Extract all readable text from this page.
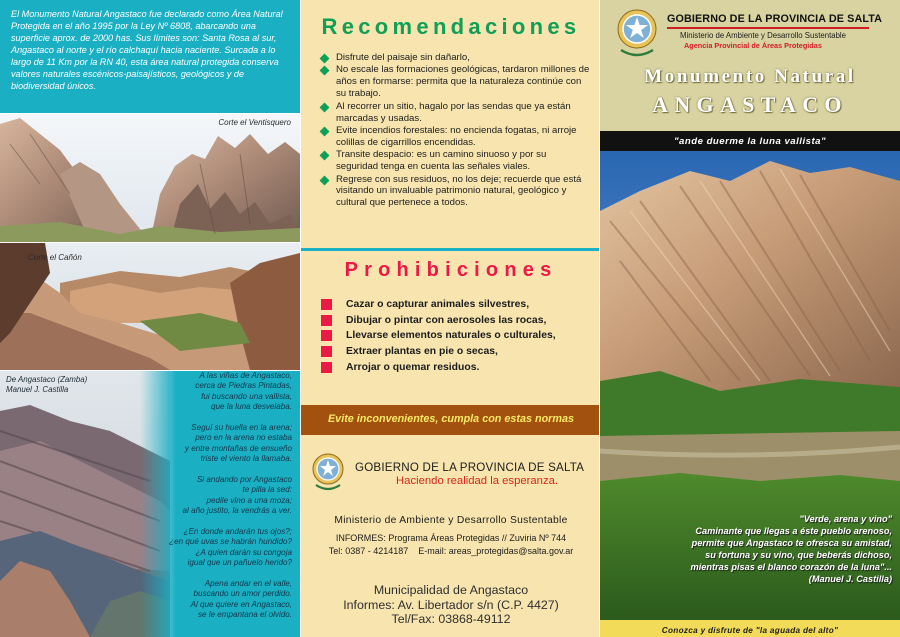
El Monumento Natural Angastaco fue declarado como Área Natural Protegida en el año 1995 por la Ley Nº 6808, abarcando una superficie aprox. de 2000 has. Sus límites son: Santa Rosa al sur, Angastaco al norte y el río calchaquí hacia naciente. Surcada a lo largo de 11 Km por la RN 40, esta área natural protegida conserva valores naturales escénicos-paisajísticos, geológicos y de biodiversidad únicos.

Corte el Ventisquero
Corte el Cañón
De Angastaco (Zamba)
Manuel J. Castilla

A las viñas de Angastaco,
cerca de Piedras Pintadas,
fui buscando una vallista,
que la luna desvelaba.

Seguí su huella en la arena;
pero en la arena no estaba
y entre montañas de ensueño
triste el viento la llamaba.

Si andando por Angastaco
te pilla la sed:
pedile vino a una moza;
al año justito, la vendrás a ver.

¿En donde andarán tus ojos?;
¿en qué uvas se habrán hundido?
¿A quien darán su congoja
igual que un pañuelo herido?

Apena andar en el valle,
buscando un amor perdido.
Al que quiere en Angastaco,
se le empantana el olvido.

Recomendaciones
Disfrute del paisaje sin dañarlo,
No escale las formaciones geológicas, tardaron millones de años en formarse: permita que la naturaleza continúe con su trabajo.
Al recorrer un sitio, hagalo por las sendas que ya están marcadas y usadas.
Evite incendios forestales: no encienda fogatas, ni arroje colillas de cigarrillos encendidas.
Transite despacio: es un camino sinuoso y por su seguridad tenga en cuenta las señales viales.
Regrese con sus residuos, no los deje; recuerde que está visitando un invaluable patrimonio natural, geológico y cultural que pertenece a todos.
Prohibiciones
Cazar o capturar animales silvestres,
Dibujar o pintar con aerosoles las rocas,
Llevarse elementos naturales o culturales,
Extraer plantas en pie o secas,
Arrojar o quemar residuos.
Evite inconvenientes, cumpla con estas normas
GOBIERNO DE LA PROVINCIA DE SALTA
Haciendo realidad la esperanza.
Ministerio de Ambiente y Desarrollo Sustentable
INFORMES: Programa Áreas Protegidas // Zuviria Nº 744
Tel: 0387 - 4214187    E-mail: areas_protegidas@salta.gov.ar
Municipalidad de Angastaco
Informes: Av. Libertador s/n (C.P. 4427)
Tel/Fax: 03868-49112
GOBIERNO DE LA PROVINCIA DE SALTA
Ministerio de Ambiente y Desarrollo Sustentable
Agencia Provincial de Áreas Protegidas
Monumento Natural
ANGASTACO
"ande duerme la luna vallista"
"Verde, arena y vino"
Caminante que llegas a éste pueblo arenoso,
permite que Angastaco te ofresca su amistad,
su fortuna y su vino, que beberás dichoso,
mientras pisas el blanco corazón de la luna"...
(Manuel J. Castilla)
Conozca y disfrute de "la aguada del alto"
